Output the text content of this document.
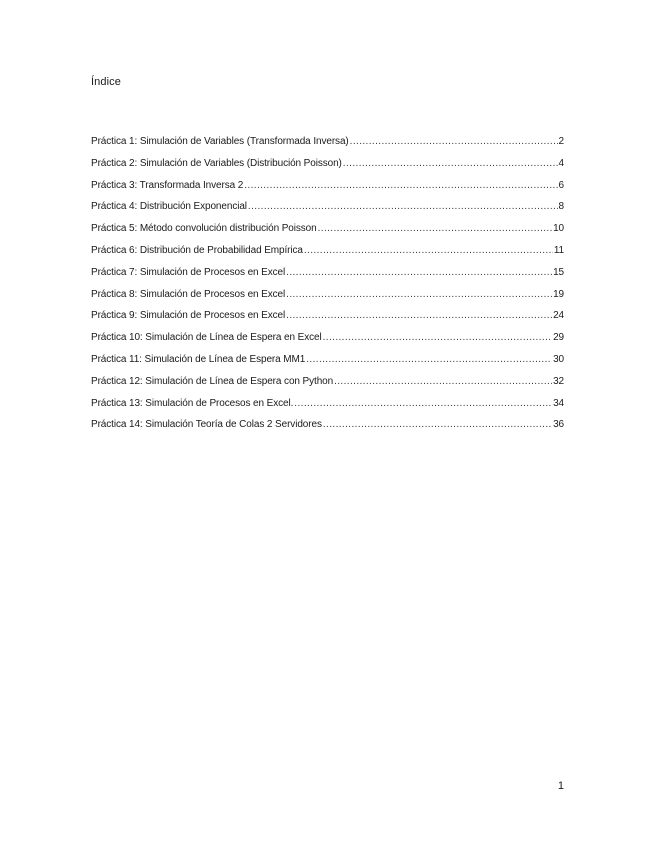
Índice
Práctica 1: Simulación de Variables (Transformada Inversa) .....	2
Práctica 2: Simulación de Variables (Distribución Poisson) .....	4
Práctica 3: Transformada Inversa 2 .....	6
Práctica 4: Distribución Exponencial .....	8
Práctica 5: Método convolución distribución Poisson .....	10
Práctica 6: Distribución de Probabilidad Empírica .....	11
Práctica 7: Simulación de Procesos en Excel .....	15
Práctica 8: Simulación de Procesos en Excel .....	19
Práctica 9: Simulación de Procesos en Excel .....	24
Práctica 10: Simulación de Línea de Espera en Excel .....	29
Práctica 11: Simulación de Línea de Espera MM1 .....	30
Práctica 12: Simulación de Línea de Espera con Python .....	32
Práctica 13: Simulación de Procesos en Excel. .....	34
Práctica 14: Simulación Teoría de Colas 2 Servidores .....	36
1
